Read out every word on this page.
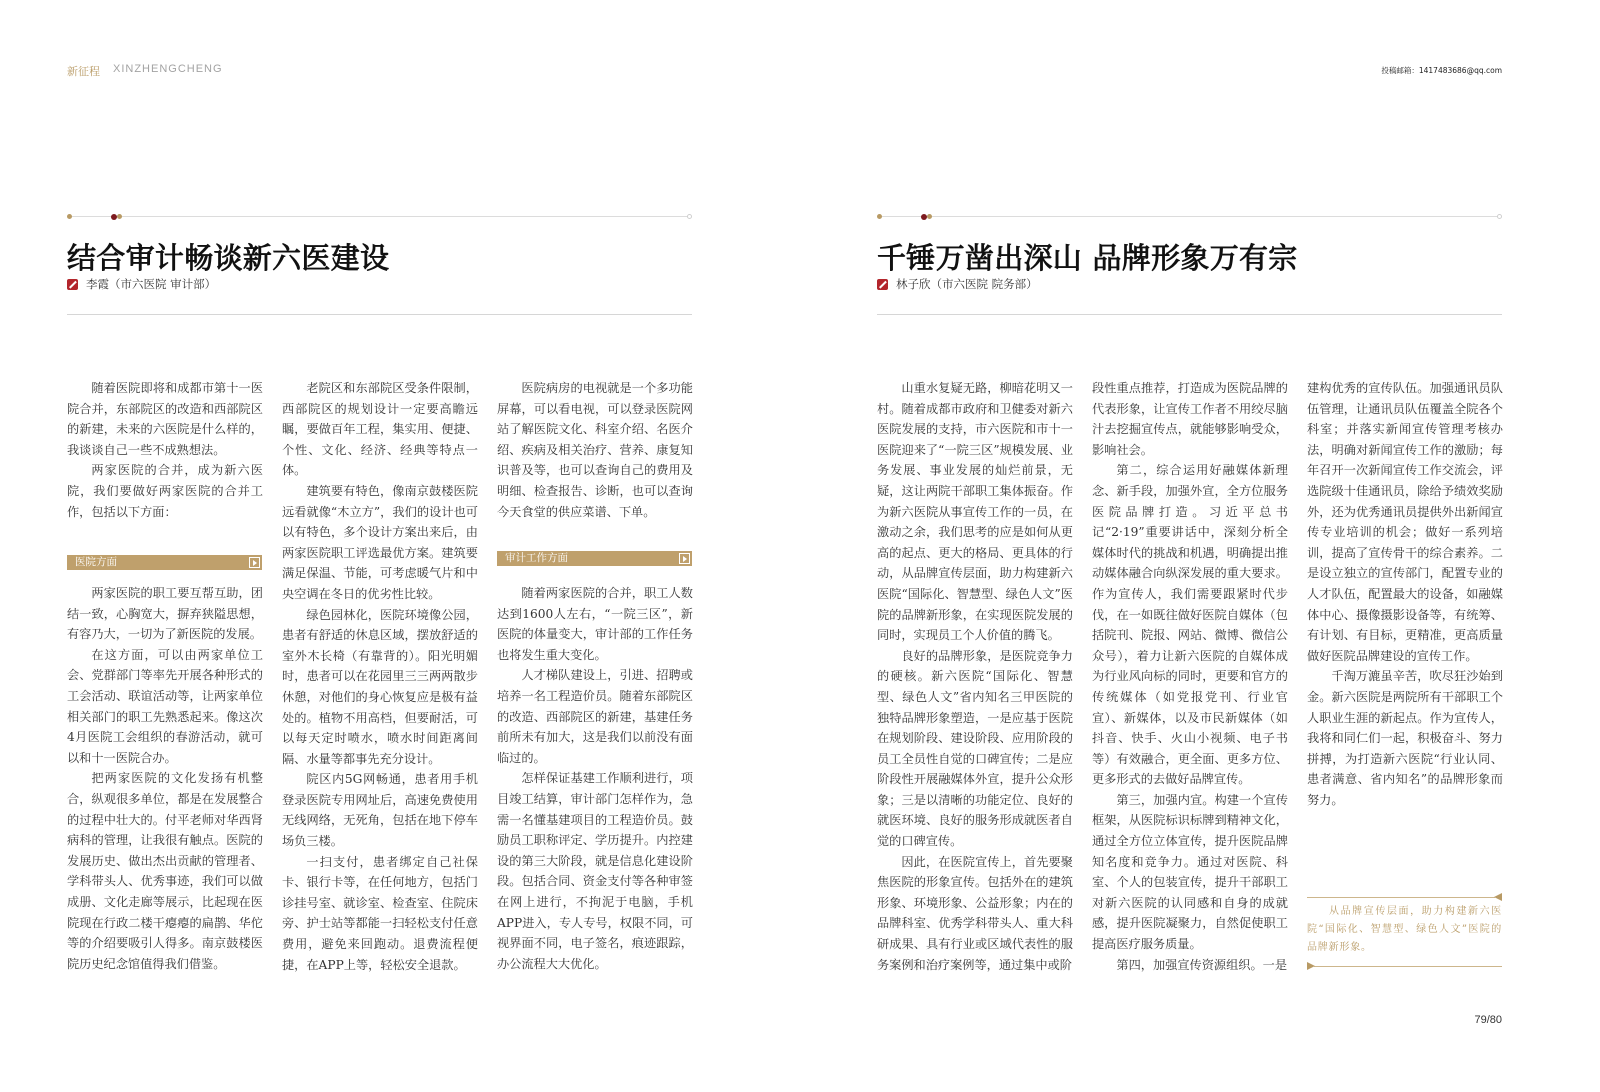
新征程 XINZHENGCHENG	投稿邮箱：1417483686@qq.com
结合审计畅谈新六医建设
李霞（市六医院 审计部）

随着医院即将和成都市第十一医院合并，东部院区的改造和西部院区的新建，未来的六医院是什么样的，我谈谈自己一些不成熟想法。

两家医院的合并，成为新六医院，我们要做好两家医院的合并工作，包括以下方面：

医院方面

两家医院的职工要互帮互助，团结一致，心胸宽大，摒弃狭隘思想，有容乃大，一切为了新医院的发展。

在这方面，可以由两家单位工会、党群部门等率先开展各种形式的工会活动、联谊活动等，让两家单位相关部门的职工先熟悉起来。像这次4月医院工会组织的春游活动，就可以和十一医院合办。

把两家医院的文化发扬有机整合，纵观很多单位，都是在发展整合的过程中壮大的。付平老师对华西肾病科的管理，让我很有触点。医院的发展历史、做出杰出贡献的管理者、学科带头人、优秀事迹，我们可以做成册、文化走廊等展示，比起现在医院现在行政二楼干瘪瘪的扁鹊、华佗等的介绍要吸引人得多。南京鼓楼医院历史纪念馆值得我们借鉴。

老院区和东部院区受条件限制，西部院区的规划设计一定要高瞻远瞩，要做百年工程，集实用、便捷、个性、文化、经济、经典等特点一体。

建筑要有特色，像南京鼓楼医院远看就像“木立方”，我们的设计也可以有特色，多个设计方案出来后，由两家医院职工评选最优方案。建筑要满足保温、节能，可考虑暖气片和中央空调在冬日的优劣性比较。

绿色园林化，医院环境像公园，患者有舒适的休息区域，摆放舒适的室外木长椅（有靠背的）。阳光明媚时，患者可以在花园里三三两两散步休憩，对他们的身心恢复应是极有益处的。植物不用高档，但要耐活，可以每天定时喷水，喷水时间距离间隔、水量等都事先充分设计。

院区内5G网畅通，患者用手机登录医院专用网址后，高速免费使用无线网络，无死角，包括在地下停车场负三楼。

一扫支付，患者绑定自己社保卡、银行卡等，在任何地方，包括门诊挂号室、就诊室、检查室、住院床旁、护士站等都能一扫轻松支付任意费用，避免来回跑动。退费流程便捷，在APP上等，轻松安全退款。

医院病房的电视就是一个多功能屏幕，可以看电视，可以登录医院网站了解医院文化、科室介绍、名医介绍、疾病及相关治疗、营养、康复知识普及等，也可以查询自己的费用及明细、检查报告、诊断，也可以查询今天食堂的供应菜谱、下单。

审计工作方面

随着两家医院的合并，职工人数达到1600人左右，“一院三区”，新医院的体量变大，审计部的工作任务也将发生重大变化。

人才梯队建设上，引进、招聘或培养一名工程造价员。随着东部院区的改造、西部院区的新建，基建任务前所未有加大，这是我们以前没有面临过的。

怎样保证基建工作顺利进行，项目竣工结算，审计部门怎样作为，急需一名懂基建项目的工程造价员。鼓励员工职称评定、学历提升。内控建设的第三大阶段，就是信息化建设阶段。包括合同、资金支付等各种审签在网上进行，不拘泥于电脑，手机APP进入，专人专号，权限不同，可视界面不同，电子签名，痕迹跟踪，办公流程大大优化。

千锤万凿出深山 品牌形象万有宗
林子欣（市六医院 院务部）

山重水复疑无路，柳暗花明又一村。随着成都市政府和卫健委对新六医院发展的支持，市六医院和市十一医院迎来了“一院三区”规模发展、业务发展、事业发展的灿烂前景，无疑，这让两院干部职工集体振奋。作为新六医院从事宣传工作的一员，在激动之余，我们思考的应是如何从更高的起点、更大的格局、更具体的行动，从品牌宣传层面，助力构建新六医院“国际化、智慧型、绿色人文”医院的品牌新形象，在实现医院发展的同时，实现员工个人价值的腾飞。

良好的品牌形象，是医院竞争力的硬核。新六医院“国际化、智慧型、绿色人文”省内知名三甲医院的独特品牌形象塑造，一是应基于医院在规划阶段、建设阶段、应用阶段的员工全员性自觉的口碑宣传；二是应阶段性开展融媒体外宣，提升公众形象；三是以清晰的功能定位、良好的就医环境、良好的服务形成就医者自觉的口碑宣传。

因此，在医院宣传上，首先要聚焦医院的形象宣传。包括外在的建筑形象、环境形象、公益形象；内在的品牌科室、优秀学科带头人、重大科研成果、具有行业或区域代表性的服务案例和治疗案例等，通过集中或阶

段性重点推荐，打造成为医院品牌的代表形象，让宣传工作者不用绞尽脑汁去挖掘宣传点，就能够影响受众，影响社会。

第二，综合运用好融媒体新理念、新手段，加强外宣，全方位服务医院品牌打造。习近平总书记“2·19”重要讲话中，深刻分析全媒体时代的挑战和机遇，明确提出推动媒体融合向纵深发展的重大要求。作为宣传人，我们需要跟紧时代步伐，在一如既往做好医院自媒体（包括院刊、院报、网站、微博、微信公众号），着力让新六医院的自媒体成为行业风向标的同时，更要和官方的传统媒体（如党报党刊、行业官宣）、新媒体，以及市民新媒体（如抖音、快手、火山小视频、电子书等）有效融合，更全面、更多方位、更多形式的去做好品牌宣传。

第三，加强内宣。构建一个宣传框架，从医院标识标牌到精神文化，通过全方位立体宣传，提升医院品牌知名度和竞争力。通过对医院、科室、个人的包装宣传，提升干部职工对新六医院的认同感和自身的成就感，提升医院凝聚力，自然促使职工提高医疗服务质量。

第四，加强宣传资源组织。一是

建构优秀的宣传队伍。加强通讯员队伍管理，让通讯员队伍覆盖全院各个科室；并落实新闻宣传管理考核办法，明确对新闻宣传工作的激励；每年召开一次新闻宣传工作交流会，评选院级十佳通讯员，除给予绩效奖励外，还为优秀通讯员提供外出新闻宣传专业培训的机会；做好一系列培训，提高了宣传骨干的综合素养。二是设立独立的宣传部门，配置专业的人才队伍，配置最大的设备，如融媒体中心、摄像摄影设备等，有统筹、有计划、有目标，更精准，更高质量做好医院品牌建设的宣传工作。

千淘万漉虽辛苦，吹尽狂沙始到金。新六医院是两院所有干部职工个人职业生涯的新起点。作为宣传人，我将和同仁们一起，积极奋斗、努力拼搏，为打造新六医院“行业认同、患者满意、省内知名”的品牌形象而努力。

从品牌宣传层面，助力构建新六医院“国际化、智慧型、绿色人文”医院的品牌新形象。
79/80
